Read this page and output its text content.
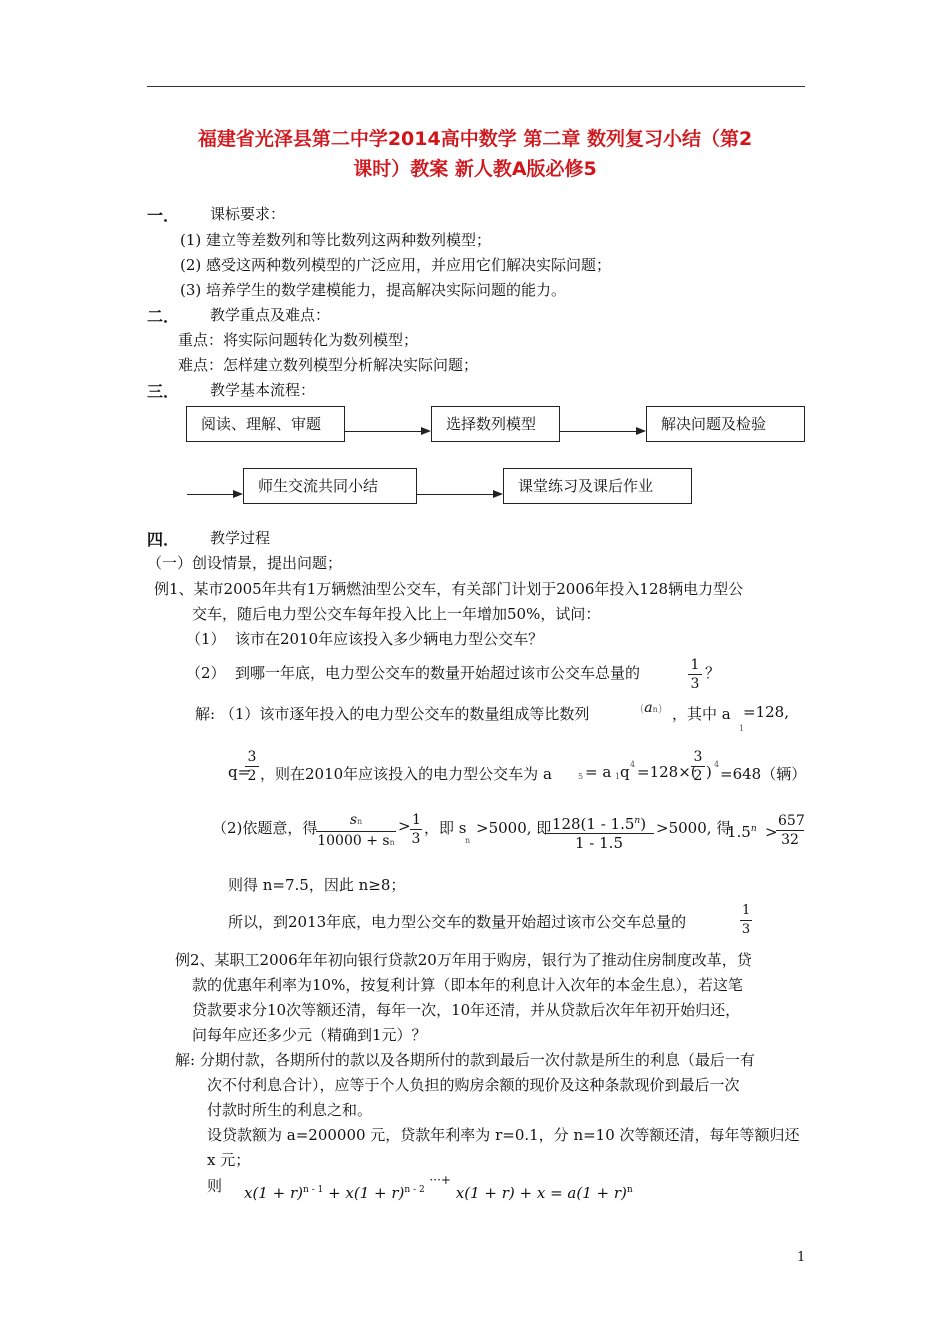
福建省光泽县第二中学2014高中数学 第二章 数列复习小结（第2
课时）教案 新人教A版必修5
一． 课标要求：
(1) 建立等差数列和等比数列这两种数列模型；
(2) 感受这两种数列模型的广泛应用，并应用它们解决实际问题；
(3) 培养学生的数学建模能力，提高解决实际问题的能力。
二． 教学重点及难点：
重点：将实际问题转化为数列模型；
难点：怎样建立数列模型分析解决实际问题；
三． 教学基本流程：
阅读、理解、审题	选择数列模型	解决问题及检验
师生交流共同小结	课堂练习及课后作业
四． 教学过程
（一）创设情景，提出问题；
例1、某市2005年共有1万辆燃油型公交车，有关部门计划于2006年投入128辆电力型公
交车，随后电力型公交车每年投入比上一年增加50%，试问：
（1） 该市在2010年应该投入多少辆电力型公交车？
（2） 到哪一年底，电力型公交车的数量开始超过该市公交车总量的	$\frac{1}{3}$ ？
解: （1）该市逐年投入的电力型公交车的数量组成等比数列	(an) ，其中 a
1
=128,
q=
$\frac{3}{2}$ ，则在2010年应该投入的电力型公交车为 a	5 = a 1 q 4 =128×(
$\frac{3}{2}$ ) 4
=648（辆）
（2)依题意，得
$\frac{sn}{10000 + sn} > \frac{1}{3}$ ，即 s
n
>5000, 即
$\frac{128(1 - 1.5^n)}{1 - 1.5} >5000$, 得
$1.5^n$ >
$\frac{657}{32}$
则得 n=7.5，因此 n≥8；
所以，到2013年底，电力型公交车的数量开始超过该市公交车总量的	$\frac{1}{3}$
例2、某职工2006年年初向银行贷款20万年用于购房，银行为了推动住房制度改革，贷
款的优惠年利率为10%，按复利计算（即本年的利息计入次年的本金生息），若这笔
贷款要求分10次等额还清，每年一次，10年还清，并从贷款后次年年初开始归还，
问每年应还多少元（精确到1元）？
解: 分期付款，各期所付的款以及各期所付的款到最后一次付款是所生的利息（最后一有
次不付利息合计），应等于个人负担的购房余额的现价及这种条款现价到最后一次
付款时所生的利息之和。
设贷款额为 a=200000 元，贷款年利率为 r=0.1，分 n=10 次等额还清，每年等额归还
x 元；
则 $x(1 + r)^{n - 1} + x(1 + r)^{n - 2}$ ···+ $x(1 + r) + x = a(1 + r)^n$
1
